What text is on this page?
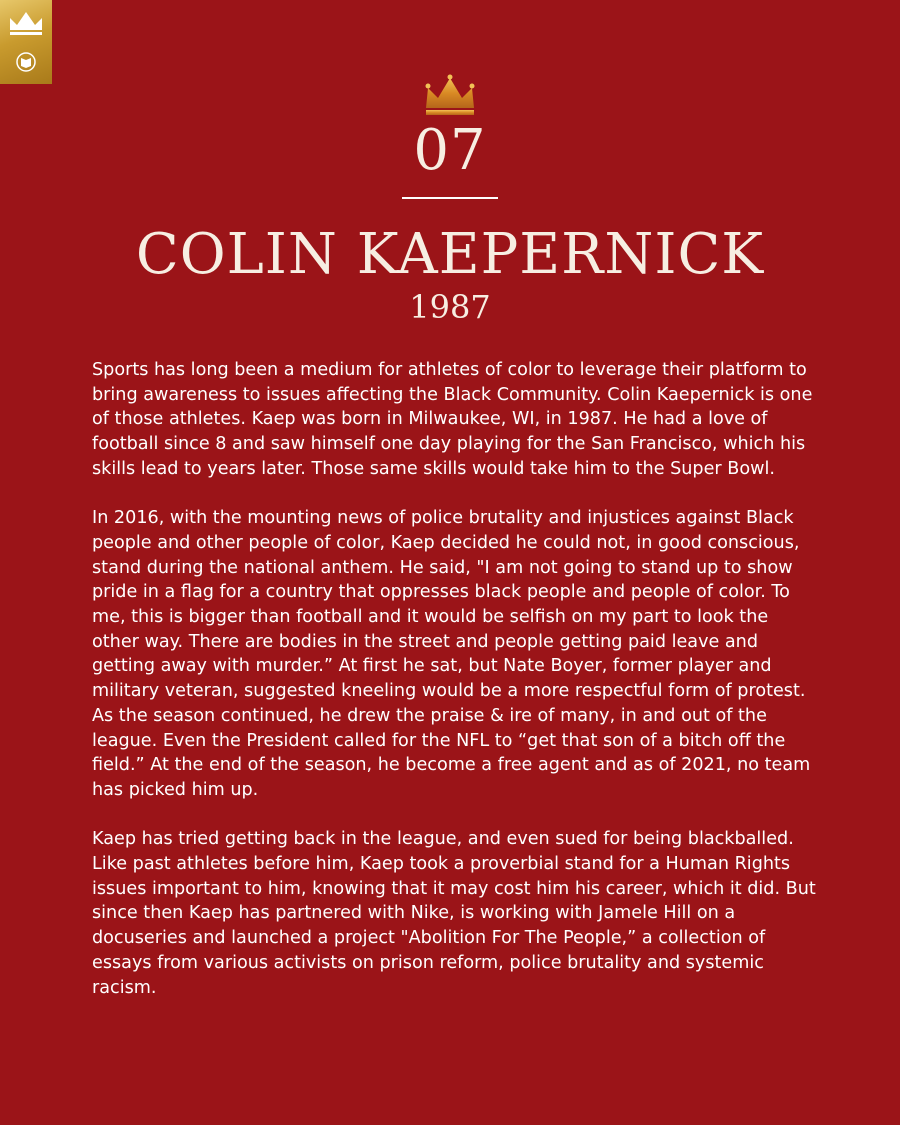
07
COLIN KAEPERNICK
1987

Sports has long been a medium for athletes of color to leverage their platform to bring awareness to issues affecting the Black Community. Colin Kaepernick is one of those athletes. Kaep was born in Milwaukee, WI, in 1987. He had a love of football since 8 and saw himself one day playing for the San Francisco, which his skills lead to years later. Those same skills would take him to the Super Bowl.

In 2016, with the mounting news of police brutality and injustices against Black people and other people of color, Kaep decided he could not, in good conscious, stand during the national anthem. He said, "I am not going to stand up to show pride in a flag for a country that oppresses black people and people of color. To me, this is bigger than football and it would be selfish on my part to look the other way. There are bodies in the street and people getting paid leave and getting away with murder.” At first he sat, but Nate Boyer, former player and military veteran, suggested kneeling would be a more respectful form of protest. As the season continued, he drew the praise & ire of many, in and out of the league. Even the President called for the NFL to “get that son of a bitch off the field.” At the end of the season, he become a free agent and as of 2021, no team has picked him up.

Kaep has tried getting back in the league, and even sued for being blackballed. Like past athletes before him, Kaep took a proverbial stand for a Human Rights issues important to him, knowing that it may cost him his career, which it did. But since then Kaep has partnered with Nike, is working with Jamele Hill on a docuseries and launched a project "Abolition For The People,” a collection of essays from various activists on prison reform, police brutality and systemic racism.
